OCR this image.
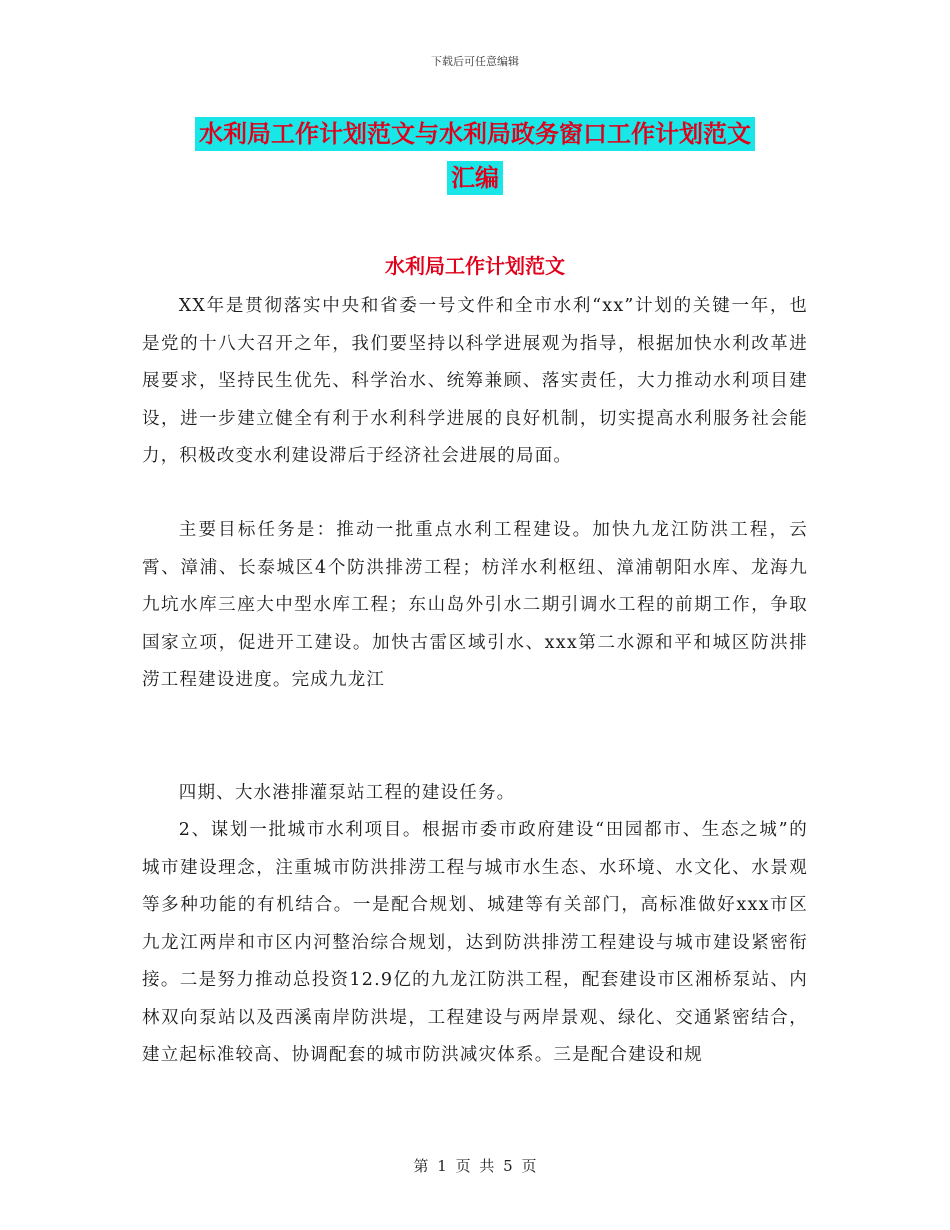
下载后可任意编辑
水利局工作计划范文与水利局政务窗口工作计划范文
汇编
水利局工作计划范文

XX年是贯彻落实中央和省委一号文件和全市水利“xx”计划的关键一年，也是党的十八大召开之年，我们要坚持以科学进展观为指导，根据加快水利改革进展要求，坚持民生优先、科学治水、统筹兼顾、落实责任，大力推动水利项目建设，进一步建立健全有利于水利科学进展的良好机制，切实提高水利服务社会能力，积极改变水利建设滞后于经济社会进展的局面。

主要目标任务是：推动一批重点水利工程建设。加快九龙江防洪工程，云霄、漳浦、长泰城区4个防洪排涝工程；枋洋水利枢纽、漳浦朝阳水库、龙海九九坑水库三座大中型水库工程；东山岛外引水二期引调水工程的前期工作，争取国家立项，促进开工建设。加快古雷区域引水、xxx第二水源和平和城区防洪排涝工程建设进度。完成九龙江

四期、大水港排灌泵站工程的建设任务。

2、谋划一批城市水利项目。根据市委市政府建设“田园都市、生态之城”的城市建设理念，注重城市防洪排涝工程与城市水生态、水环境、水文化、水景观等多种功能的有机结合。一是配合规划、城建等有关部门，高标准做好xxx市区九龙江两岸和市区内河整治综合规划，达到防洪排涝工程建设与城市建设紧密衔接。二是努力推动总投资12.9亿的九龙江防洪工程，配套建设市区湘桥泵站、内林双向泵站以及西溪南岸防洪堤，工程建设与两岸景观、绿化、交通紧密结合，建立起标准较高、协调配套的城市防洪减灾体系。三是配合建设和规

第 1 页 共 5 页
